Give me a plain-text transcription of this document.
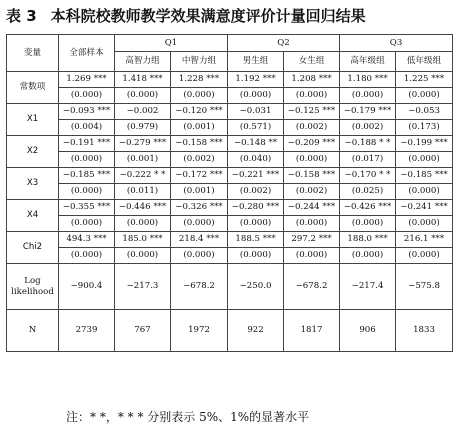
表 3 本科院校教师教学效果满意度评价计量回归结果
变量	全部样本	Q1		Q2		Q3	
		高智力组	中智力组	男生组	女生组	高年级组	低年级组
常数项	1.269 ***	1.418 ***	1.228 ***	1.192 ***	1.208 ***	1.180 ***	1.225 ***
	(0.000)	(0.000)	(0.000)	(0.000)	(0.000)	(0.000)	(0.000)
X1	−0.093 ***	−0.002	−0.120 ***	−0.031	−0.125 ***	−0.179 ***	−0.053
	(0.004)	(0.979)	(0.001)	(0.571)	(0.002)	(0.002)	(0.173)
X2	−0.191 ***	−0.279 ***	−0.158 ***	−0.148 **	−0.209 ***	−0.188 * *	−0.199 ***
	(0.000)	(0.001)	(0.002)	(0.040)	(0.000)	(0.017)	(0.000)
X3	−0.185 ***	−0.222 * *	−0.172 ***	−0.221 ***	−0.158 ***	−0.170 * *	−0.185 ***
	(0.000)	(0.011)	(0.001)	(0.002)	(0.002)	(0.025)	(0.000)
X4	−0.355 ***	−0.446 ***	−0.326 ***	−0.280 ***	−0.244 ***	−0.426 ***	−0.241 ***
	(0.000)	(0.000)	(0.000)	(0.000)	(0.000)	(0.000)	(0.000)
Chi2	494.3 ***	185.0 ***	218.4 ***	188.5 ***	297.2 ***	188.0 ***	216.1 ***
	(0.000)	(0.000)	(0.000)	(0.000)	(0.000)	(0.000)	(0.000)

Log
likelihood	−900.4	−217.3	−678.2	−250.0	−678.2	−217.4	−575.8
N	2739	767	1972	922	1817	906	1833
注：* *，* * * 分别表示 5%、1%的显著水平
